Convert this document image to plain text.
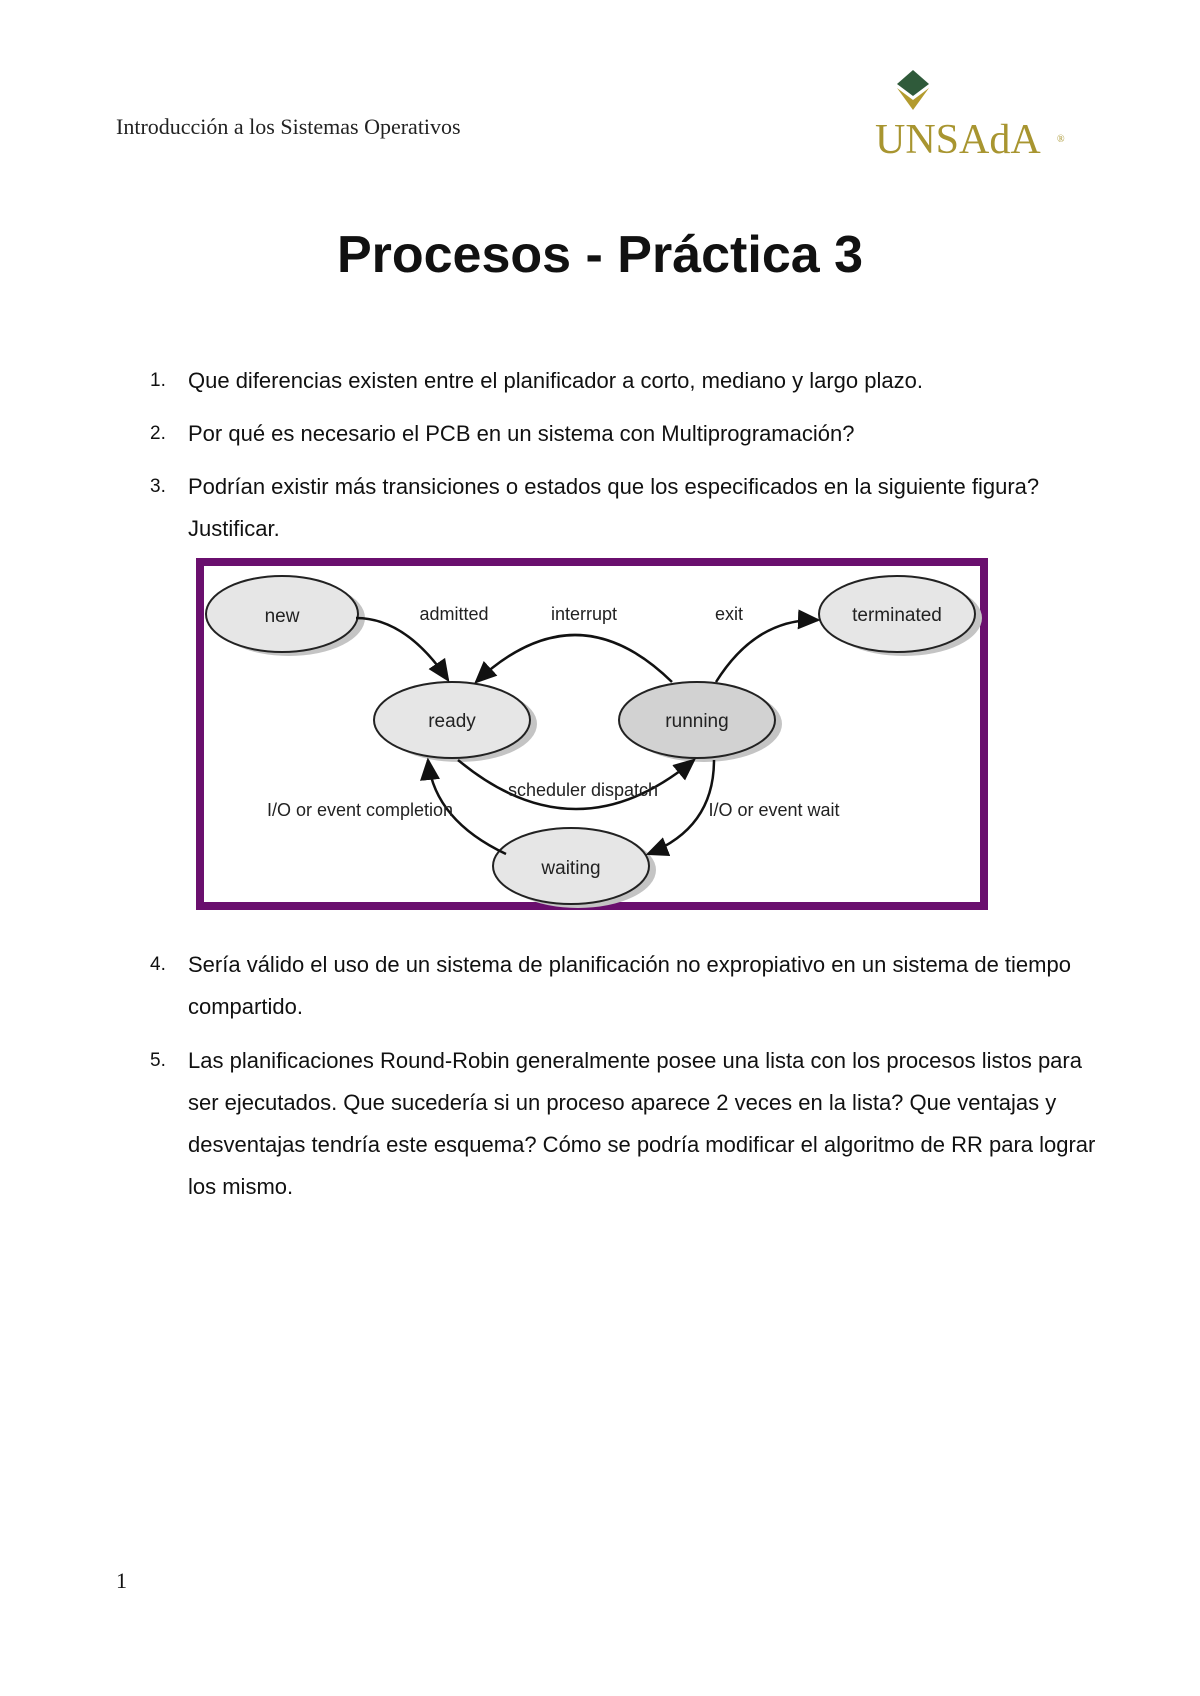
Introducción a los Sistemas Operativos	UNSAdA ®
Procesos - Práctica 3
1.	Que diferencias existen entre el planificador a corto, mediano y largo plazo.
2.	Por qué es necesario el PCB en un sistema con Multiprogramación?
3.	Podrían existir más transiciones o estados que los especificados en la siguiente figura? Justificar.
4.	Sería válido el uso de un sistema de planificación no expropiativo en un sistema de tiempo compartido.
5.	Las planificaciones Round-Robin generalmente posee una lista con los procesos listos para ser ejecutados. Que sucedería si un proceso aparece 2 veces en la lista? Que ventajas y desventajas tendría este esquema? Cómo se podría modificar el algoritmo de RR para lograr los mismo.
new	terminated
ready	running
waiting
admitted	interrupt	exit
scheduler dispatch
I/O or event completion	I/O or event wait
1
